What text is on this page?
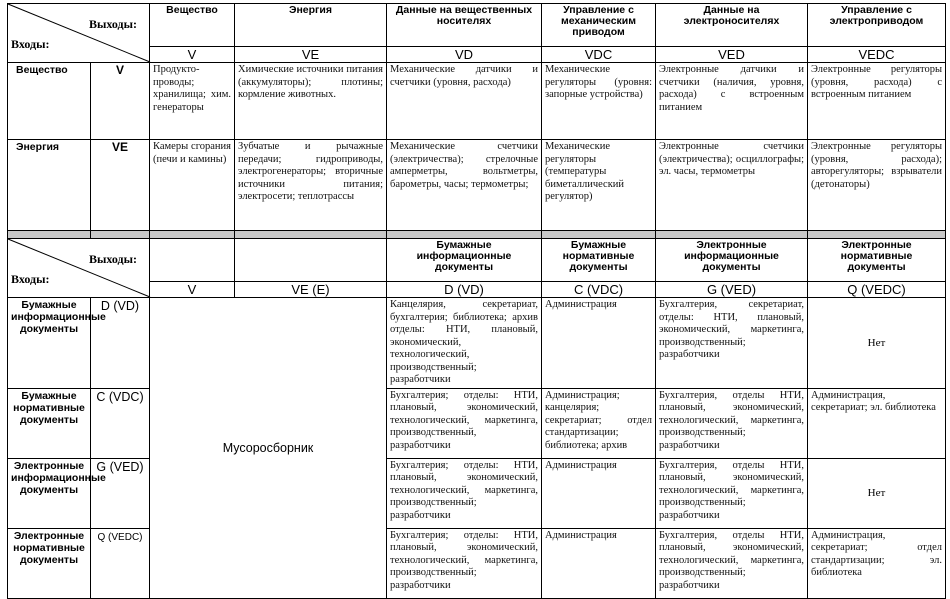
Выходы:
Входы:		Вещество	Энергия	Данные на вещественных носителях	Управление с механическим приводом	Данные на электроносителях	Управление с электроприводом
		V	VE	VD	VDC	VED	VEDC
Вещество	V	Продукто-проводы; хранилища; хим. генераторы	Химические источники питания (аккумуляторы); плотины; кормление животных.	Механические датчики и счетчики (уровня, расхода)	Механические регуляторы (уровня: запорные устройства)	Электронные датчики и счетчики (наличия, уровня, расхода) с встроенным питанием	Электронные регуляторы (уровня, расхода) с встроенным питанием
Энергия	VE	Камеры сгорания (печи и камины)	Зубчатые и рычажные передачи; гидроприводы, электрогенераторы; вторичные источники питания; электросети; теплотрассы	Механические счетчики (электричества); стрелочные амперметры, вольтметры, барометры, часы; термометры;	Механические регуляторы (температуры биметаллический регулятор)	Электронные счетчики (электричества); осциллографы; эл. часы, термометры	Электронные регуляторы (уровня, расхода); авторегуляторы; взрыватели (детонаторы)

Выходы:
Входы:				Бумажные информационные документы	Бумажные нормативные документы	Электронные информационные документы	Электронные нормативные документы
		V	VE (E)	D (VD)	C (VDC)	G (VED)	Q (VEDC)
Бумажные информационные документы	D (VD)	Мусоросборник		Канцелярия, секретариат, бухгалтерия; библиотека; архив отделы: НТИ, плановый, экономический, технологический, производственный; разработчики	Администрация	Бухгалтерия, секретариат, отделы: НТИ, плановый, экономический, маркетинга, производственный; разработчики	Нет
Бумажные нормативные документы	C (VDC)			Бухгалтерия; отделы: НТИ, плановый, экономический, технологический, маркетинга, производственный, разработчики	Администрация; канцелярия; секретариат; отдел стандартизации; библиотека; архив	Бухгалтерия, отделы НТИ, плановый, экономический, технологический, маркетинга, производственный; разработчики	Администрация, секретариат; эл. библиотека
Электронные информационные документы	G (VED)			Бухгалтерия; отделы: НТИ, плановый, экономический, технологический, маркетинга, производственный; разработчики	Администрация	Бухгалтерия, отделы НТИ, плановый, экономический, технологический, маркетинга, производственный; разработчики	Нет
Электронные нормативные документы	Q (VEDC)			Бухгалтерия; отделы: НТИ, плановый, экономический, технологический, маркетинга, производственный; разработчики	Администрация	Бухгалтерия, отделы НТИ, плановый, экономический, технологический, маркетинга, производственный; разработчики	Администрация, секретариат; отдел стандартизации; эл. библиотека
